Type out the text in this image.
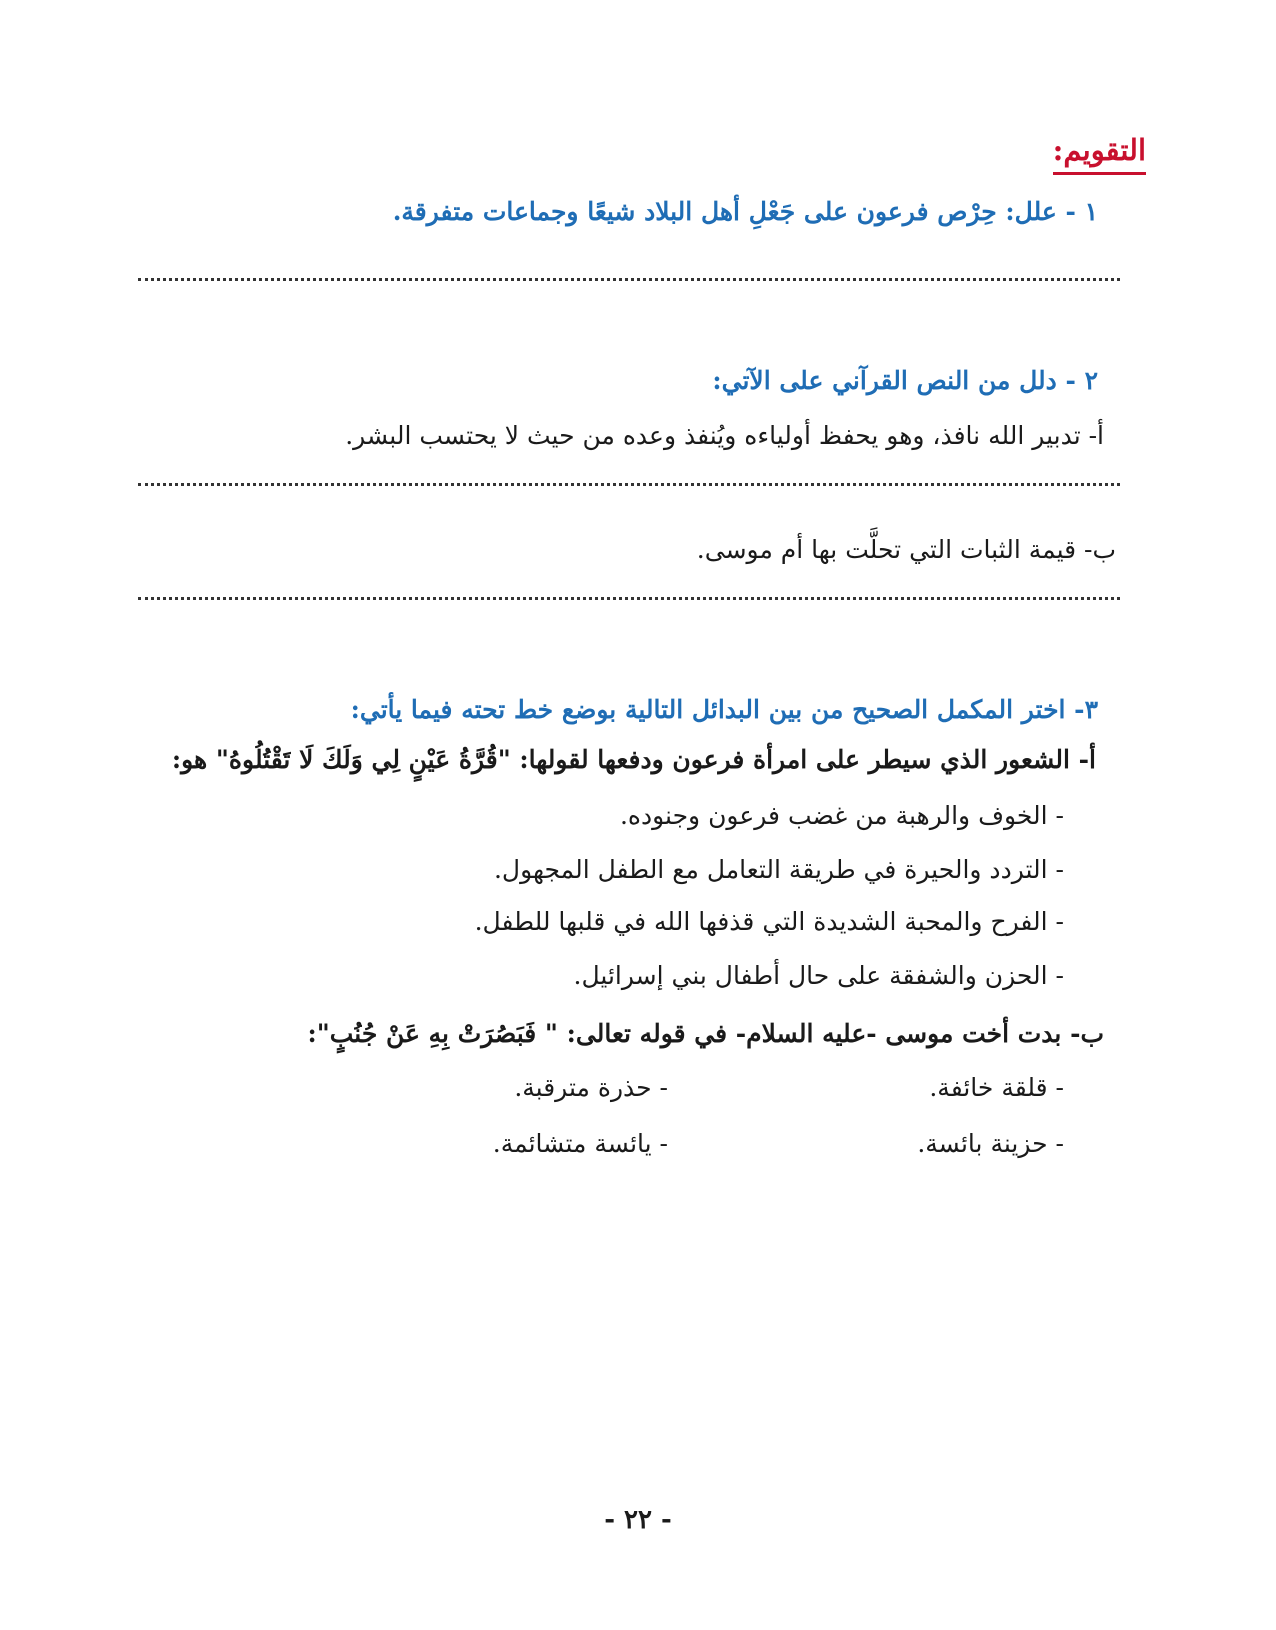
التقويم:
١ - علل: حِرْص فرعون على جَعْلِ أهل البلاد شيعًا وجماعات متفرقة.
٢ - دلل من النص القرآني على الآتي:
أ- تدبير الله نافذ، وهو يحفظ أولياءه ويُنفذ وعده من حيث لا يحتسب البشر.
ب- قيمة الثبات التي تحلَّت بها أم موسى.
٣- اختر المكمل الصحيح من بين البدائل التالية بوضع خط تحته فيما يأتي:
أ- الشعور الذي سيطر على امرأة فرعون ودفعها لقولها: "قُرَّةُ عَيْنٍ لِي وَلَكَ لَا تَقْتُلُوهُ" هو:
- الخوف والرهبة من غضب فرعون وجنوده.
- التردد والحيرة في طريقة التعامل مع الطفل المجهول.
- الفرح والمحبة الشديدة التي قذفها الله في قلبها للطفل.
- الحزن والشفقة على حال أطفال بني إسرائيل.
ب- بدت أخت موسى -عليه السلام- في قوله تعالى: " فَبَصُرَتْ بِهِ عَنْ جُنُبٍ":
- قلقة خائفة.
- حذرة مترقبة.
- حزينة بائسة.
- يائسة متشائمة.
- ٢٢ -
